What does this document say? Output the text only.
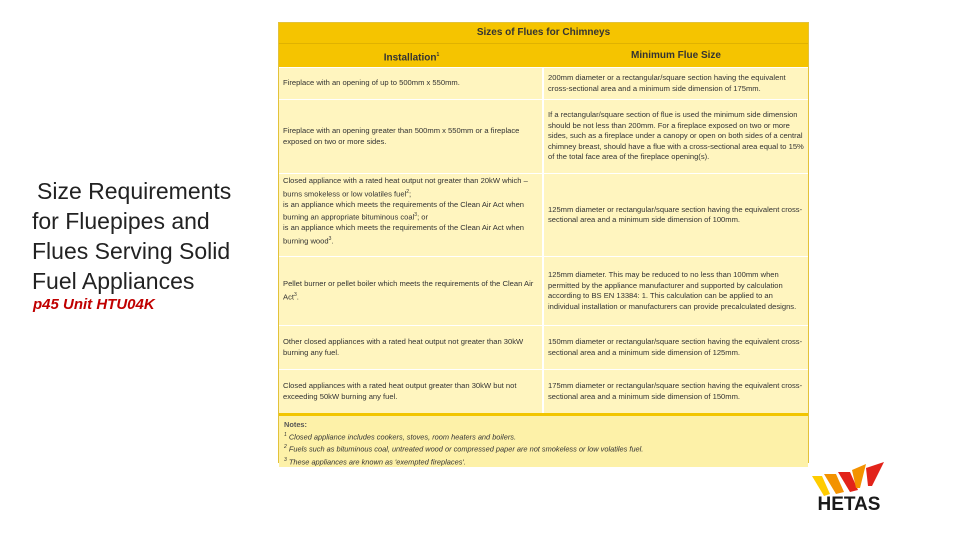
Size Requirements
for Fluepipes and
Flues Serving Solid
Fuel Appliances
p45 Unit HTU04K
Sizes of Flues for Chimneys
Installation$^1$	Minimum Flue Size
Fireplace with an opening of up to 500mm x 550mm.
200mm diameter or a rectangular/square section having the equivalent cross-sectional area and a minimum side dimension of 175mm.
Fireplace with an opening greater than 500mm x 550mm or a fireplace exposed on two or more sides.
If a rectangular/square section of flue is used the minimum side dimension should be not less than 200mm. For a fireplace exposed on two or more sides, such as a fireplace under a canopy or open on both sides of a central chimney breast, should have a flue with a cross-sectional area equal to 15% of the total face area of the fireplace opening(s).
Closed appliance with a rated heat output not greater than 20kW which –
burns smokeless or low volatiles fuel$^2$;
is an appliance which meets the requirements of the Clean Air Act when burning an appropriate bituminous coal$^3$; or
is an appliance which meets the requirements of the Clean Air Act when burning wood$^3$.
125mm diameter or rectangular/square section having the equivalent cross-sectional area and a minimum side dimension of 100mm.
Pellet burner or pellet boiler which meets the requirements of the Clean Air Act$^3$.
125mm diameter. This may be reduced to no less than 100mm when permitted by the appliance manufacturer and supported by calculation according to BS EN 13384: 1. This calculation can be applied to an individual installation or manufacturers can provide precalculated designs.
Other closed appliances with a rated heat output not greater than 30kW burning any fuel.
150mm diameter or rectangular/square section having the equivalent cross-sectional area and a minimum side dimension of 125mm.
Closed appliances with a rated heat output greater than 30kW but not exceeding 50kW burning any fuel.
175mm diameter or rectangular/square section having the equivalent cross-sectional area and a minimum side dimension of 150mm.
Notes:
$^1$ Closed appliance includes cookers, stoves, room heaters and boilers.
$^2$ Fuels such as bituminous coal, untreated wood or compressed paper are not smokeless or low volatiles fuel.
$^3$ These appliances are known as 'exempted fireplaces'.
HETAS
